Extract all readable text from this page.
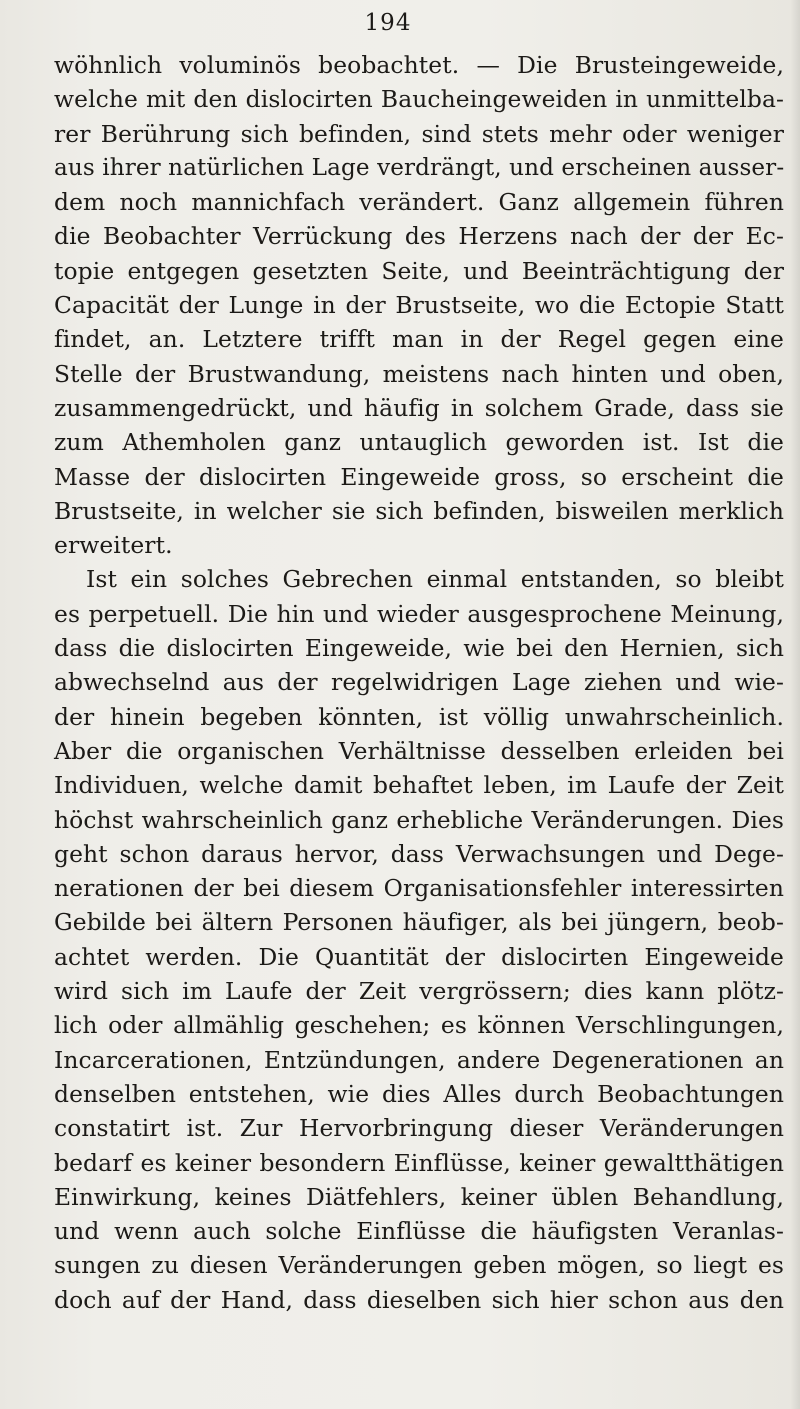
194
wöhnlich voluminös beobachtet. — Die Brusteingeweide,
welche mit den dislocirten Baucheingeweiden in unmittelba-
rer Berührung sich befinden, sind stets mehr oder weniger
aus ihrer natürlichen Lage verdrängt, und erscheinen ausser-
dem noch mannichfach verändert. Ganz allgemein führen
die Beobachter Verrückung des Herzens nach der der Ec-
topie entgegen gesetzten Seite, und Beeinträchtigung der
Capacität der Lunge in der Brustseite, wo die Ectopie Statt
findet, an. Letztere trifft man in der Regel gegen eine
Stelle der Brustwandung, meistens nach hinten und oben,
zusammengedrückt, und häufig in solchem Grade, dass sie
zum Athemholen ganz untauglich geworden ist. Ist die
Masse der dislocirten Eingeweide gross, so erscheint die
Brustseite, in welcher sie sich befinden, bisweilen merklich
erweitert.
Ist ein solches Gebrechen einmal entstanden, so bleibt
es perpetuell. Die hin und wieder ausgesprochene Meinung,
dass die dislocirten Eingeweide, wie bei den Hernien, sich
abwechselnd aus der regelwidrigen Lage ziehen und wie-
der hinein begeben könnten, ist völlig unwahrscheinlich.
Aber die organischen Verhältnisse desselben erleiden bei
Individuen, welche damit behaftet leben, im Laufe der Zeit
höchst wahrscheinlich ganz erhebliche Veränderungen. Dies
geht schon daraus hervor, dass Verwachsungen und Dege-
nerationen der bei diesem Organisationsfehler interessirten
Gebilde bei ältern Personen häufiger, als bei jüngern, beob-
achtet werden. Die Quantität der dislocirten Eingeweide
wird sich im Laufe der Zeit vergrössern; dies kann plötz-
lich oder allmählig geschehen; es können Verschlingungen,
Incarcerationen, Entzündungen, andere Degenerationen an
denselben entstehen, wie dies Alles durch Beobachtungen
constatirt ist. Zur Hervorbringung dieser Veränderungen
bedarf es keiner besondern Einflüsse, keiner gewaltthätigen
Einwirkung, keines Diätfehlers, keiner üblen Behandlung,
und wenn auch solche Einflüsse die häufigsten Veranlas-
sungen zu diesen Veränderungen geben mögen, so liegt es
doch auf der Hand, dass dieselben sich hier schon aus den
